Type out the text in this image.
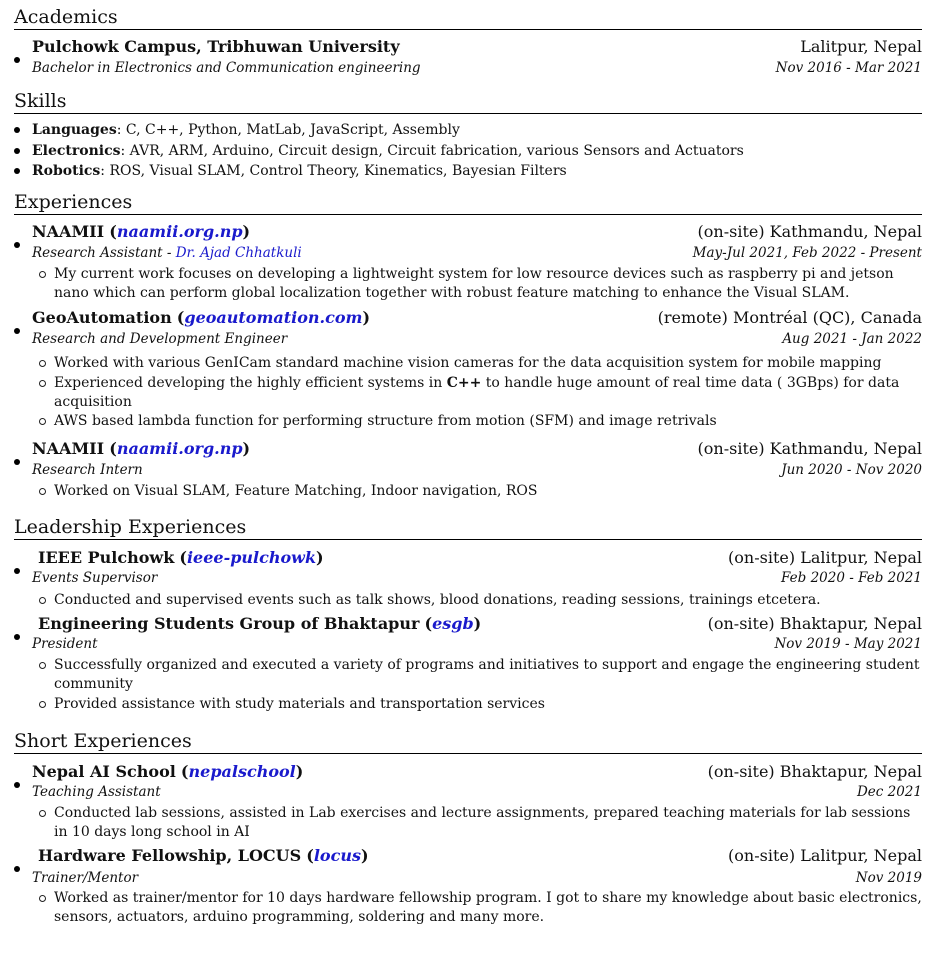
Academics
Pulchowk Campus, Tribhuwan University	Lalitpur, Nepal
Bachelor in Electronics and Communication engineering	Nov 2016 - Mar 2021
Skills
Languages: C, C++, Python, MatLab, JavaScript, Assembly
Electronics: AVR, ARM, Arduino, Circuit design, Circuit fabrication, various Sensors and Actuators
Robotics: ROS, Visual SLAM, Control Theory, Kinematics, Bayesian Filters
Experiences
NAAMII (naamii.org.np)	(on-site) Kathmandu, Nepal
Research Assistant - Dr. Ajad Chhatkuli	May-Jul 2021, Feb 2022 - Present
My current work focuses on developing a lightweight system for low resource devices such as raspberry pi and jetson nano which can perform global localization together with robust feature matching to enhance the Visual SLAM.
GeoAutomation (geoautomation.com)	(remote) Montréal (QC), Canada
Research and Development Engineer	Aug 2021 - Jan 2022
Worked with various GenICam standard machine vision cameras for the data acquisition system for mobile mapping
Experienced developing the highly efficient systems in C++ to handle huge amount of real time data ( 3GBps) for data acquisition
AWS based lambda function for performing structure from motion (SFM) and image retrivals
NAAMII (naamii.org.np)	(on-site) Kathmandu, Nepal
Research Intern	Jun 2020 - Nov 2020
Worked on Visual SLAM, Feature Matching, Indoor navigation, ROS
Leadership Experiences
IEEE Pulchowk (ieee-pulchowk)	(on-site) Lalitpur, Nepal
Events Supervisor	Feb 2020 - Feb 2021
Conducted and supervised events such as talk shows, blood donations, reading sessions, trainings etcetera.
Engineering Students Group of Bhaktapur (esgb)	(on-site) Bhaktapur, Nepal
President	Nov 2019 - May 2021
Successfully organized and executed a variety of programs and initiatives to support and engage the engineering student community
Provided assistance with study materials and transportation services
Short Experiences
Nepal AI School (nepalschool)	(on-site) Bhaktapur, Nepal
Teaching Assistant	Dec 2021
Conducted lab sessions, assisted in Lab exercises and lecture assignments, prepared teaching materials for lab sessions in 10 days long school in AI
Hardware Fellowship, LOCUS (locus)	(on-site) Lalitpur, Nepal
Trainer/Mentor	Nov 2019
Worked as trainer/mentor for 10 days hardware fellowship program. I got to share my knowledge about basic electronics, sensors, actuators, arduino programming, soldering and many more.
